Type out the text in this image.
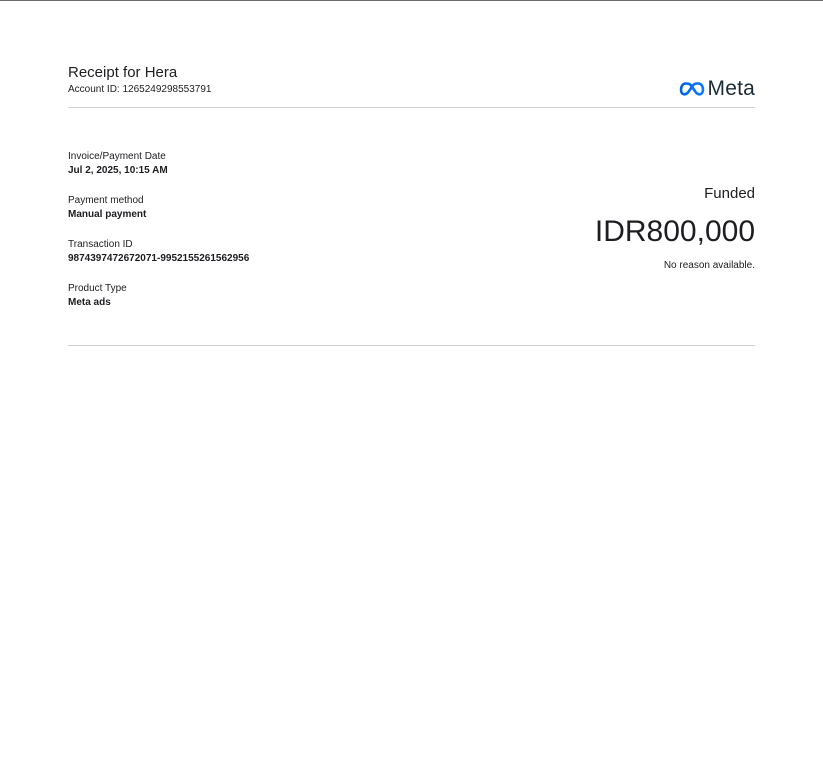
Receipt for Hera
Account ID: 1265249298553791	Meta
Invoice/Payment Date
Jul 2, 2025, 10:15 AM
Payment method
Manual payment
Transaction ID
9874397472672071-9952155261562956
Product Type
Meta ads
Funded
IDR800,000
No reason available.
